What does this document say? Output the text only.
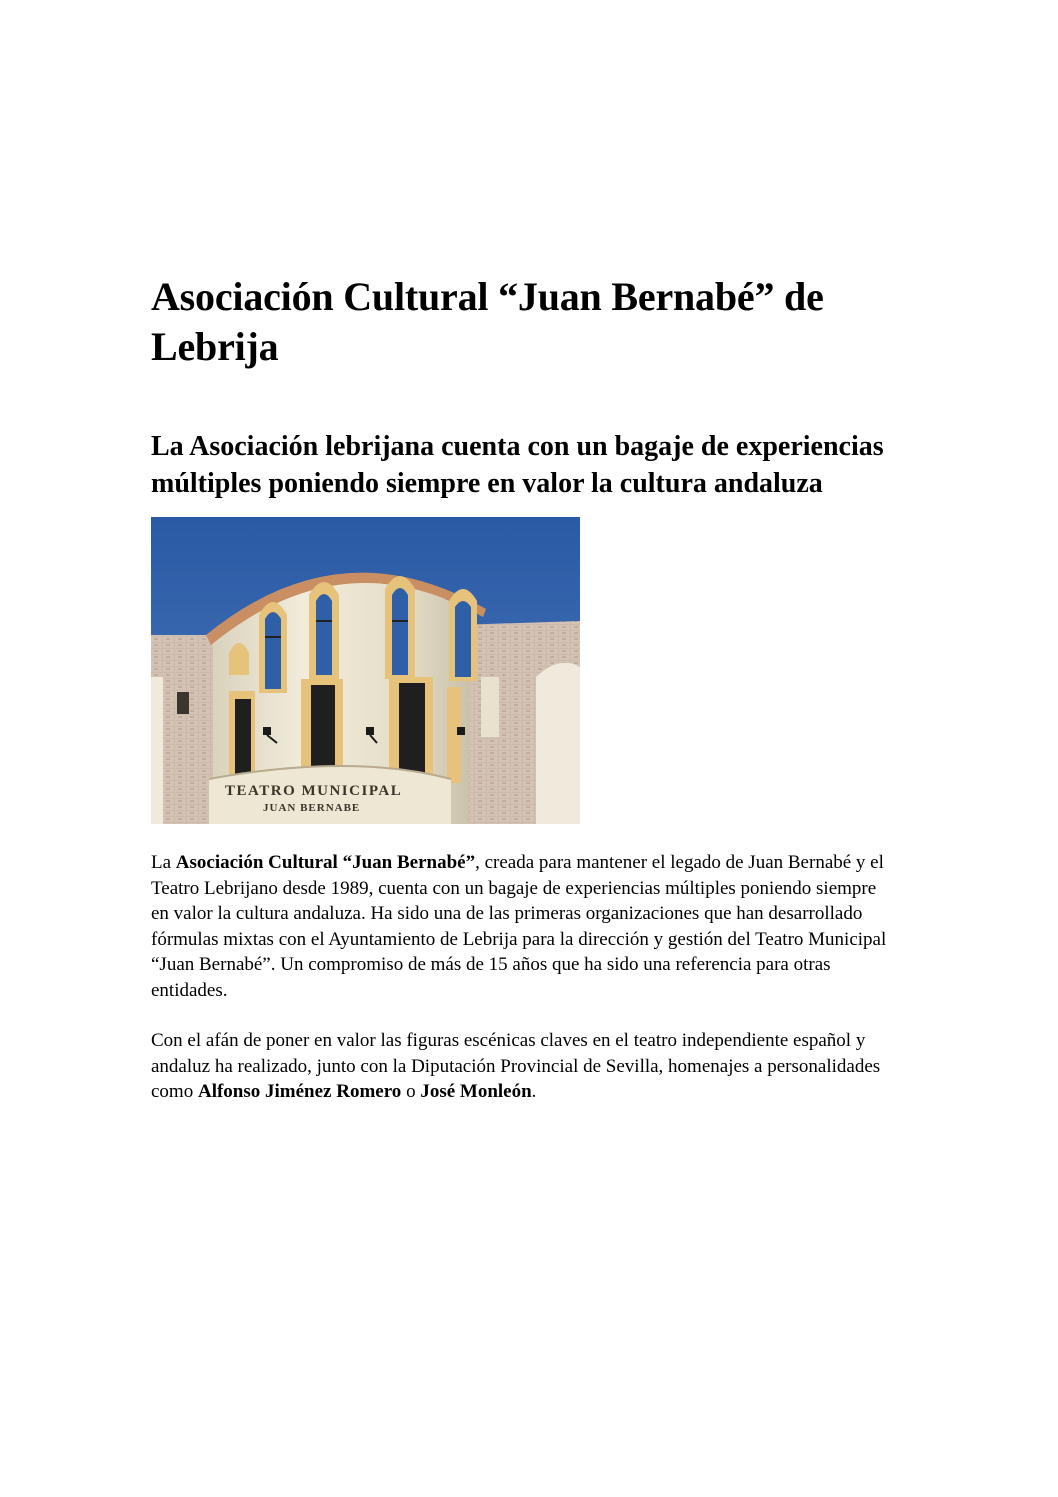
Asociación Cultural “Juan Bernabé” de Lebrija
La Asociación lebrijana cuenta con un bagaje de experiencias múltiples poniendo siempre en valor la cultura andaluza
TEATRO MUNICIPAL
JUAN BERNABE

La Asociación Cultural “Juan Bernabé”, creada para mantener el legado de Juan Bernabé y el Teatro Lebrijano desde 1989, cuenta con un bagaje de experiencias múltiples poniendo siempre en valor la cultura andaluza. Ha sido una de las primeras organizaciones que han desarrollado fórmulas mixtas con el Ayuntamiento de Lebrija para la dirección y gestión del Teatro Municipal “Juan Bernabé”. Un compromiso de más de 15 años que ha sido una referencia para otras entidades.

Con el afán de poner en valor las figuras escénicas claves en el teatro independiente español y andaluz ha realizado, junto con la Diputación Provincial de Sevilla, homenajes a personalidades como Alfonso Jiménez Romero o José Monleón.
